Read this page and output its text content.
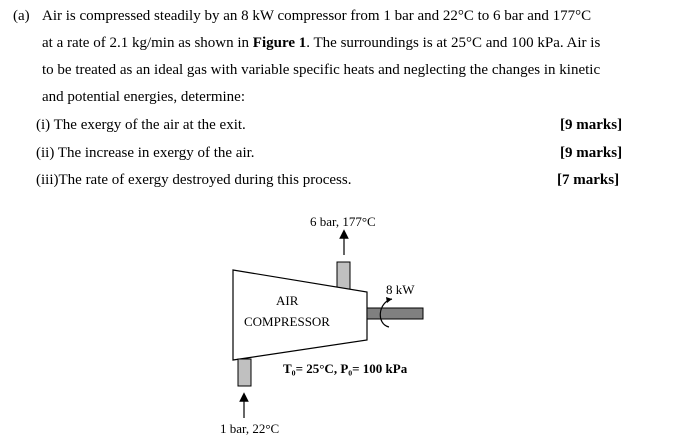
(a) Air is compressed steadily by an 8 kW compressor from 1 bar and 22°C to 6 bar and 177°C
at a rate of 2.1 kg/min as shown in Figure 1. The surroundings is at 25°C and 100 kPa. Air is
to be treated as an ideal gas with variable specific heats and neglecting the changes in kinetic
and potential energies, determine:
(i) The exergy of the air at the exit.	[9 marks]
(ii) The increase in exergy of the air.	[9 marks]
(iii)The rate of exergy destroyed during this process.	[7 marks]
6 bar, 177°C
8 kW
AIR
COMPRESSOR
T₀= 25°C, P₀= 100 kPa
1 bar, 22°C
